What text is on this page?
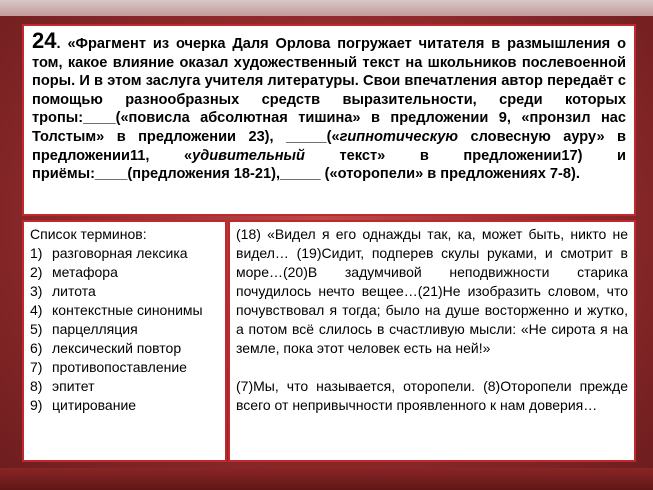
24. «Фрагмент из очерка Даля Орлова погружает читателя в размышления о том, какое влияние оказал художественный текст на школьников послевоенной поры. И в этом заслуга учителя литературы. Свои впечатления автор передаёт с помощью разнообразных средств выразительности, среди которых тропы:____(«повисла абсолютная тишина» в предложении 9, «пронзил нас Толстым» в предложении 23), _____(«гипнотическую словесную ауру» в предложении11, «удивительный текст» в предложении17) и приёмы:____(предложения 18-21),_____ («оторопели» в предложениях 7-8).
Список терминов:
1) разговорная лексика
2) метафора
3) литота
4) контекстные синонимы
5) парцелляция
6) лексический повтор
7) противопоставление
8) эпитет
9) цитирование

(18) «Видел я его однажды так, ка, может быть, никто не видел… (19)Сидит, подперев скулы руками, и смотрит в море…(20)В задумчивой неподвижности старика почудилось нечто вещее…(21)Не изобразить словом, что почувствовал я тогда; было на душе восторженно и жутко, а потом всё слилось в счастливую мысли: «Не сирота я на земле, пока этот человек есть на ней!»

(7)Мы, что называется, оторопели. (8)Оторопели прежде всего от непривычности проявленного к нам доверия…
